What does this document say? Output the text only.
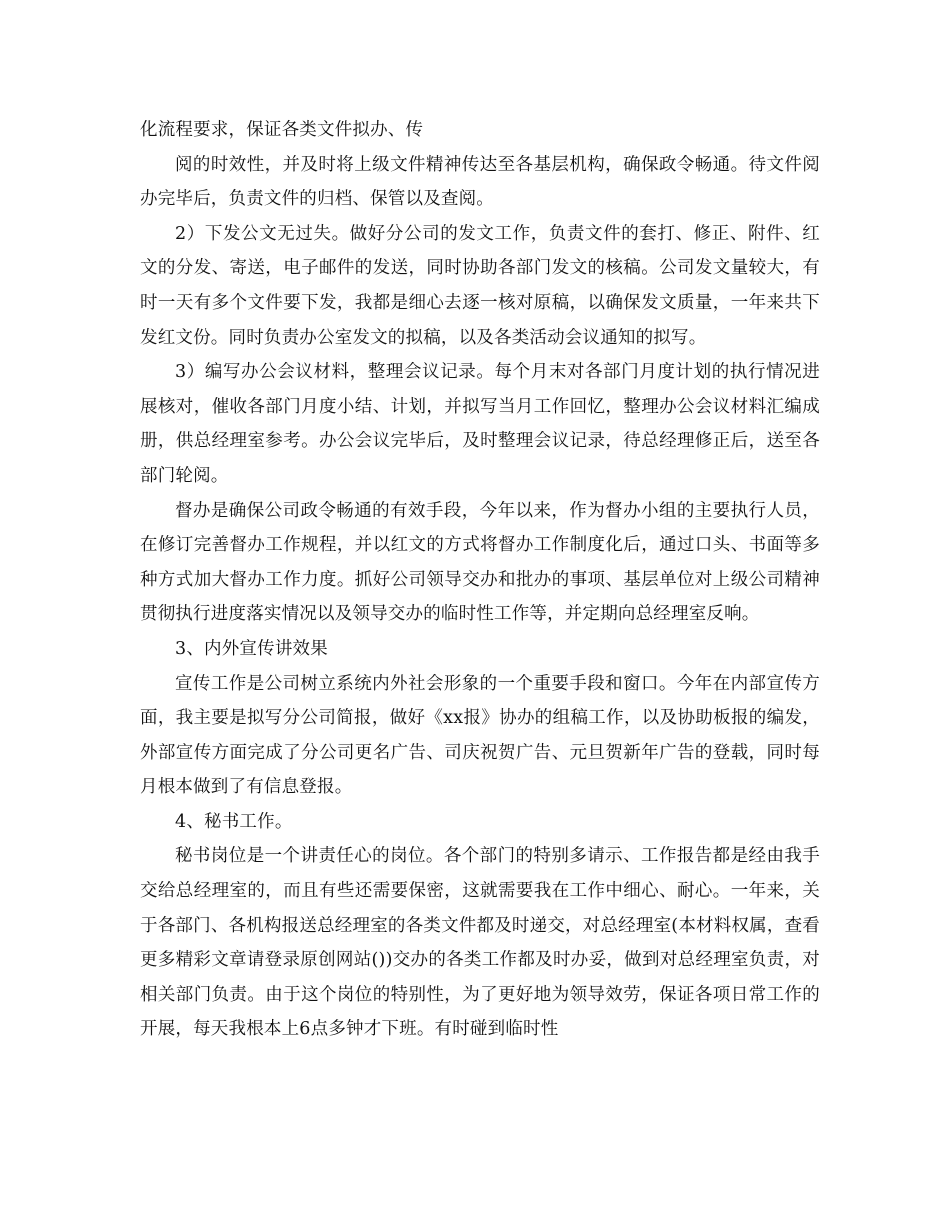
化流程要求，保证各类文件拟办、传

阅的时效性，并及时将上级文件精神传达至各基层机构，确保政令畅通。待文件阅办完毕后，负责文件的归档、保管以及查阅。

2）下发公文无过失。做好分公司的发文工作，负责文件的套打、修正、附件、红文的分发、寄送，电子邮件的发送，同时协助各部门发文的核稿。公司发文量较大，有时一天有多个文件要下发，我都是细心去逐一核对原稿，以确保发文质量，一年来共下发红文份。同时负责办公室发文的拟稿，以及各类活动会议通知的拟写。

3）编写办公会议材料，整理会议记录。每个月末对各部门月度计划的执行情况进展核对，催收各部门月度小结、计划，并拟写当月工作回忆，整理办公会议材料汇编成册，供总经理室参考。办公会议完毕后，及时整理会议记录，待总经理修正后，送至各部门轮阅。

督办是确保公司政令畅通的有效手段，今年以来，作为督办小组的主要执行人员，在修订完善督办工作规程，并以红文的方式将督办工作制度化后，通过口头、书面等多种方式加大督办工作力度。抓好公司领导交办和批办的事项、基层单位对上级公司精神贯彻执行进度落实情况以及领导交办的临时性工作等，并定期向总经理室反响。

3、内外宣传讲效果

宣传工作是公司树立系统内外社会形象的一个重要手段和窗口。今年在内部宣传方面，我主要是拟写分公司简报，做好《xx报》协办的组稿工作，以及协助板报的编发，外部宣传方面完成了分公司更名广告、司庆祝贺广告、元旦贺新年广告的登载，同时每月根本做到了有信息登报。

4、秘书工作。

秘书岗位是一个讲责任心的岗位。各个部门的特别多请示、工作报告都是经由我手交给总经理室的，而且有些还需要保密，这就需要我在工作中细心、耐心。一年来，关于各部门、各机构报送总经理室的各类文件都及时递交，对总经理室(本材料权属，查看更多精彩文章请登录原创网站())交办的各类工作都及时办妥，做到对总经理室负责，对相关部门负责。由于这个岗位的特别性，为了更好地为领导效劳，保证各项日常工作的开展，每天我根本上6点多钟才下班。有时碰到临时性
